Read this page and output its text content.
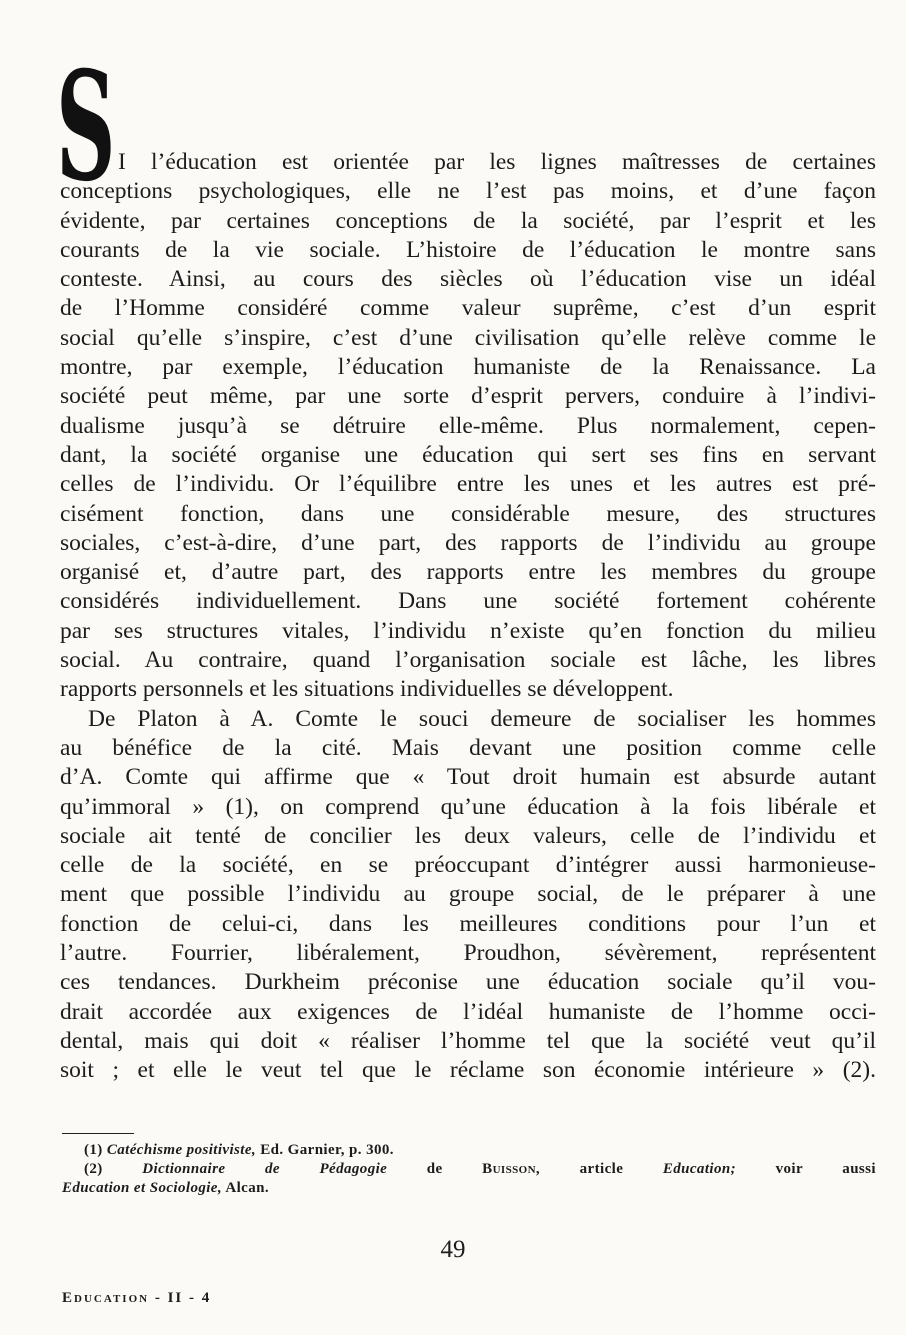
S I l’éducation est orientée par les lignes maîtresses de certaines
conceptions psychologiques, elle ne l’est pas moins, et d’une façon
évidente, par certaines conceptions de la société, par l’esprit et les
courants de la vie sociale. L’histoire de l’éducation le montre sans
conteste. Ainsi, au cours des siècles où l’éducation vise un idéal
de l’Homme considéré comme valeur suprême, c’est d’un esprit
social qu’elle s’inspire, c’est d’une civilisation qu’elle relève comme le
montre, par exemple, l’éducation humaniste de la Renaissance. La
société peut même, par une sorte d’esprit pervers, conduire à l’indivi-
dualisme jusqu’à se détruire elle-même. Plus normalement, cepen-
dant, la société organise une éducation qui sert ses fins en servant
celles de l’individu. Or l’équilibre entre les unes et les autres est pré-
cisément fonction, dans une considérable mesure, des structures
sociales, c’est-à-dire, d’une part, des rapports de l’individu au groupe
organisé et, d’autre part, des rapports entre les membres du groupe
considérés individuellement. Dans une société fortement cohérente
par ses structures vitales, l’individu n’existe qu’en fonction du milieu
social. Au contraire, quand l’organisation sociale est lâche, les libres
rapports personnels et les situations individuelles se développent.
De Platon à A. Comte le souci demeure de socialiser les hommes
au bénéfice de la cité. Mais devant une position comme celle
d’A. Comte qui affirme que « Tout droit humain est absurde autant
qu’immoral » (1), on comprend qu’une éducation à la fois libérale et
sociale ait tenté de concilier les deux valeurs, celle de l’individu et
celle de la société, en se préoccupant d’intégrer aussi harmonieuse-
ment que possible l’individu au groupe social, de le préparer à une
fonction de celui-ci, dans les meilleures conditions pour l’un et
l’autre. Fourrier, libéralement, Proudhon, sévèrement, représentent
ces tendances. Durkheim préconise une éducation sociale qu’il vou-
drait accordée aux exigences de l’idéal humaniste de l’homme occi-
dental, mais qui doit « réaliser l’homme tel que la société veut qu’il
soit ; et elle le veut tel que le réclame son économie intérieure » (2).
(1) Catéchisme positiviste, Ed. Garnier, p. 300.
(2)	Dictionnaire de Pédagogie	de	Buisson,	article	Education;	voir aussi
Education et Sociologie, Alcan.
49
Education - II - 4
